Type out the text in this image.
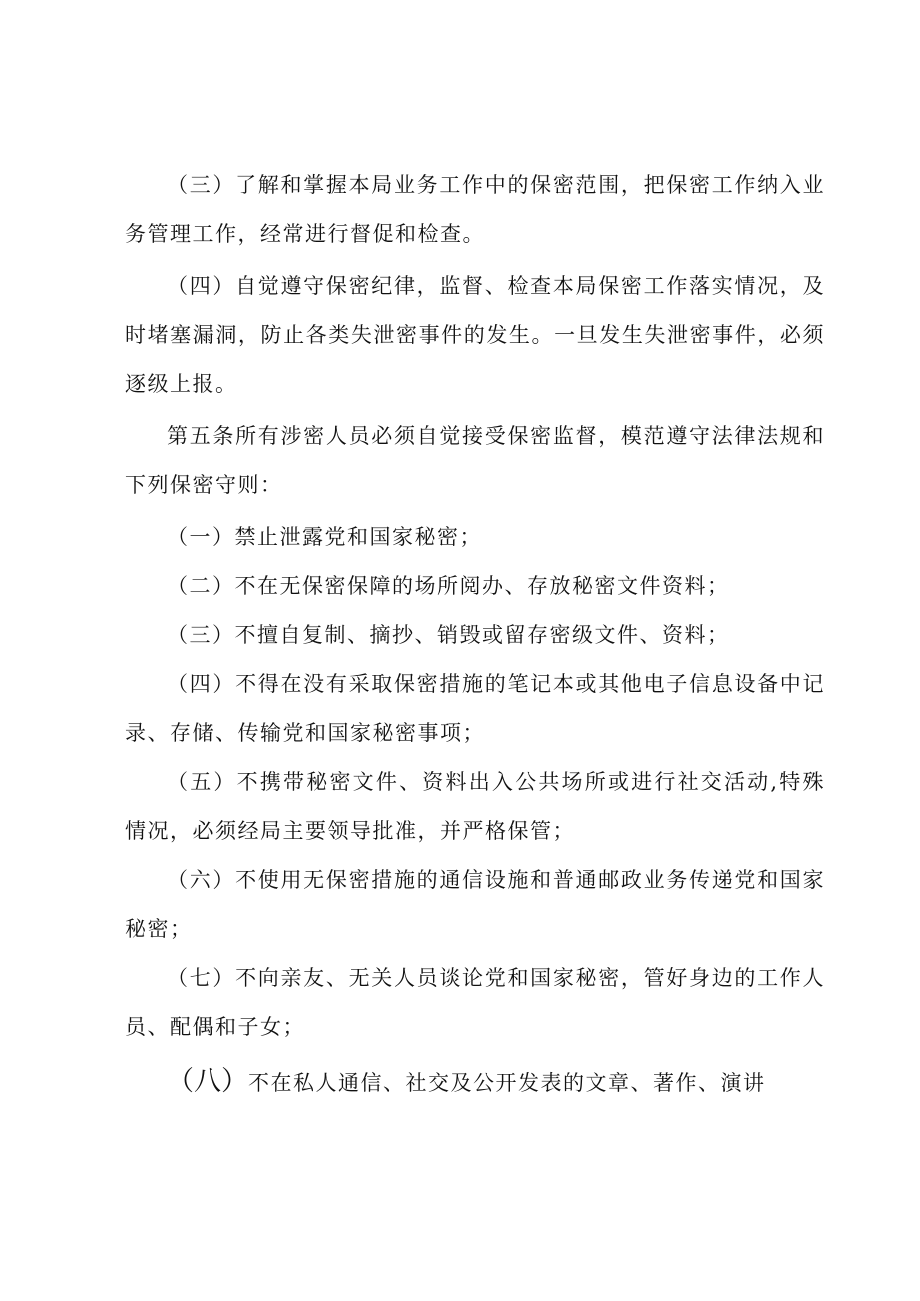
（三）了解和掌握本局业务工作中的保密范围，把保密工作纳入业务管理工作，经常进行督促和检查。

（四）自觉遵守保密纪律，监督、检查本局保密工作落实情况，及时堵塞漏洞，防止各类失泄密事件的发生。一旦发生失泄密事件，必须逐级上报。

第五条所有涉密人员必须自觉接受保密监督，模范遵守法律法规和下列保密守则：

（一）禁止泄露党和国家秘密；

（二）不在无保密保障的场所阅办、存放秘密文件资料；

（三）不擅自复制、摘抄、销毁或留存密级文件、资料；

（四）不得在没有采取保密措施的笔记本或其他电子信息设备中记录、存储、传输党和国家秘密事项；

（五）不携带秘密文件、资料出入公共场所或进行社交活动,特殊情况，必须经局主要领导批准，并严格保管；

（六）不使用无保密措施的通信设施和普通邮政业务传递党和国家秘密；

（七）不向亲友、无关人员谈论党和国家秘密，管好身边的工作人员、配偶和子女；

（八）不在私人通信、社交及公开发表的文章、著作、演讲
